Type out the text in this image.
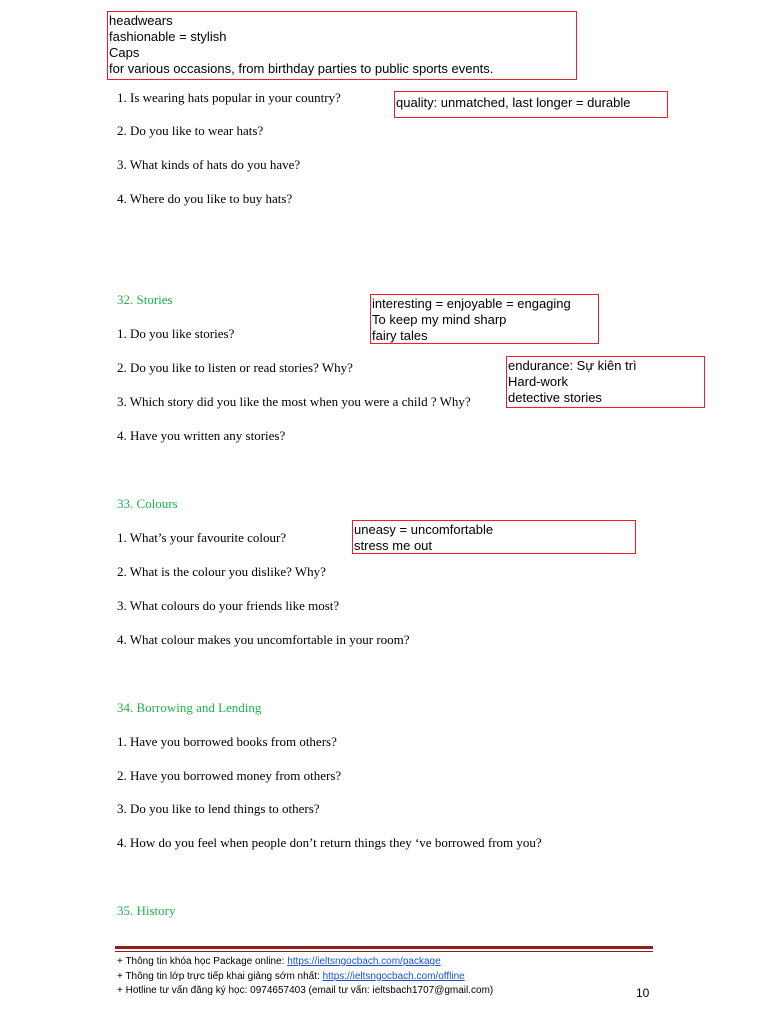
headwears
fashionable = stylish
Caps
for various occasions, from birthday parties to public sports events.
quality: unmatched, last longer = durable
interesting = enjoyable = engaging
To keep my mind sharp
fairy tales
endurance: Sự kiên trì
Hard-work
detective stories
uneasy = uncomfortable
stress me out
1. Is wearing hats popular in your country?
2. Do you like to wear hats?
3. What kinds of hats do you have?
4. Where do you like to buy hats?
32. Stories
1. Do you like stories?
2. Do you like to listen or read stories? Why?
3. Which story did you like the most when you were a child ? Why?
4. Have you written any stories?
33. Colours
1. What’s your favourite colour?
2. What is the colour you dislike? Why?
3. What colours do your friends like most?
4. What colour makes you uncomfortable in your room?
34. Borrowing and Lending
1. Have you borrowed books from others?
2. Have you borrowed money from others?
3. Do you like to lend things to others?
4. How do you feel when people don’t return things they ‘ve borrowed from you?
35. History
+ Thông tin khóa học Package online: https://ieltsngocbach.com/package
+ Thông tin lớp trực tiếp khai giảng sớm nhất: https://ieltsngocbach.com/offline
+ Hotline tư vấn đăng ký học: 0974657403 (email tư vấn: ieltsbach1707@gmail.com)	10
